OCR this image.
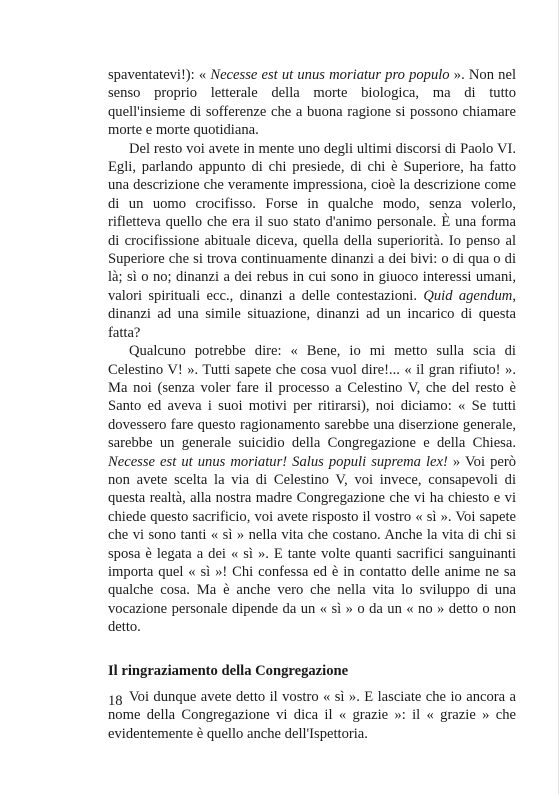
spaventatevi!): « Necesse est ut unus moriatur pro populo ». Non nel senso proprio letterale della morte biologica, ma di tutto quell'insieme di sofferenze che a buona ragione si possono chiamare morte e morte quotidiana.

Del resto voi avete in mente uno degli ultimi discorsi di Paolo VI. Egli, parlando appunto di chi presiede, di chi è Superiore, ha fatto una descrizione che veramente impressiona, cioè la descrizione come di un uomo crocifisso. Forse in qualche modo, senza volerlo, rifletteva quello che era il suo stato d'animo personale. È una forma di crocifissione abituale diceva, quella della superiorità. Io penso al Superiore che si trova continuamente dinanzi a dei bivi: o di qua o di là; sì o no; dinanzi a dei rebus in cui sono in giuoco interessi umani, valori spirituali ecc., dinanzi a delle contestazioni. Quid agendum, dinanzi ad una simile situazione, dinanzi ad un incarico di questa fatta?

Qualcuno potrebbe dire: « Bene, io mi metto sulla scia di Celestino V! ». Tutti sapete che cosa vuol dire!... « il gran rifiuto! ». Ma noi (senza voler fare il processo a Celestino V, che del resto è Santo ed aveva i suoi motivi per ritirarsi), noi diciamo: « Se tutti dovessero fare questo ragionamento sarebbe una diserzione generale, sarebbe un generale suicidio della Congregazione e della Chiesa. Necesse est ut unus moriatur! Salus populi suprema lex! » Voi però non avete scelta la via di Celestino V, voi invece, consapevoli di questa realtà, alla nostra madre Congregazione che vi ha chiesto e vi chiede questo sacrificio, voi avete risposto il vostro « sì ». Voi sapete che vi sono tanti « sì » nella vita che costano. Anche la vita di chi si sposa è legata a dei « sì ». E tante volte quanti sacrifici sanguinanti importa quel « sì »! Chi confessa ed è in contatto delle anime ne sa qualche cosa. Ma è anche vero che nella vita lo sviluppo di una vocazione personale dipende da un « sì » o da un « no » detto o non detto.

Il ringraziamento della Congregazione

Voi dunque avete detto il vostro « sì ». E lasciate che io ancora a nome della Congregazione vi dica il « grazie »: il « grazie » che evidentemente è quello anche dell'Ispettoria.

18
